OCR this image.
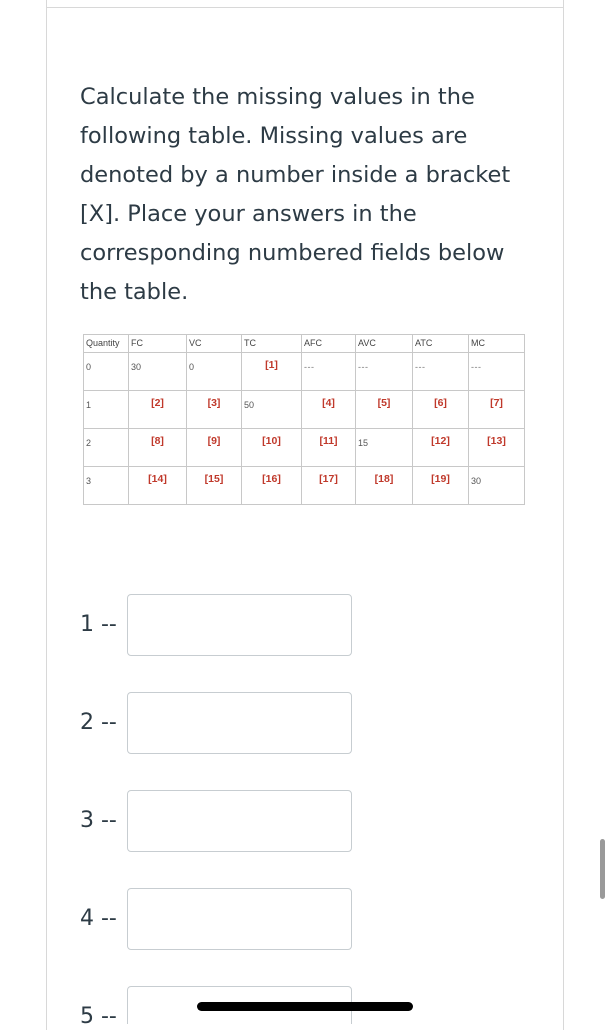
Calculate the missing values in the following table. Missing values are denoted by a number inside a bracket [X]. Place your answers in the corresponding numbered fields below the table.
Quantity	FC	VC	TC	AFC	AVC	ATC	MC

0	30	0	[1]	---	---	---	---

1	[2]	[3]	50	[4]	[5]	[6]	[7]

2	[8]	[9]	[10]	[11]	15	[12]	[13]

3	[14]	[15]	[16]	[17]	[18]	[19]	30
1 --
2 --
3 --
4 --
5 --
